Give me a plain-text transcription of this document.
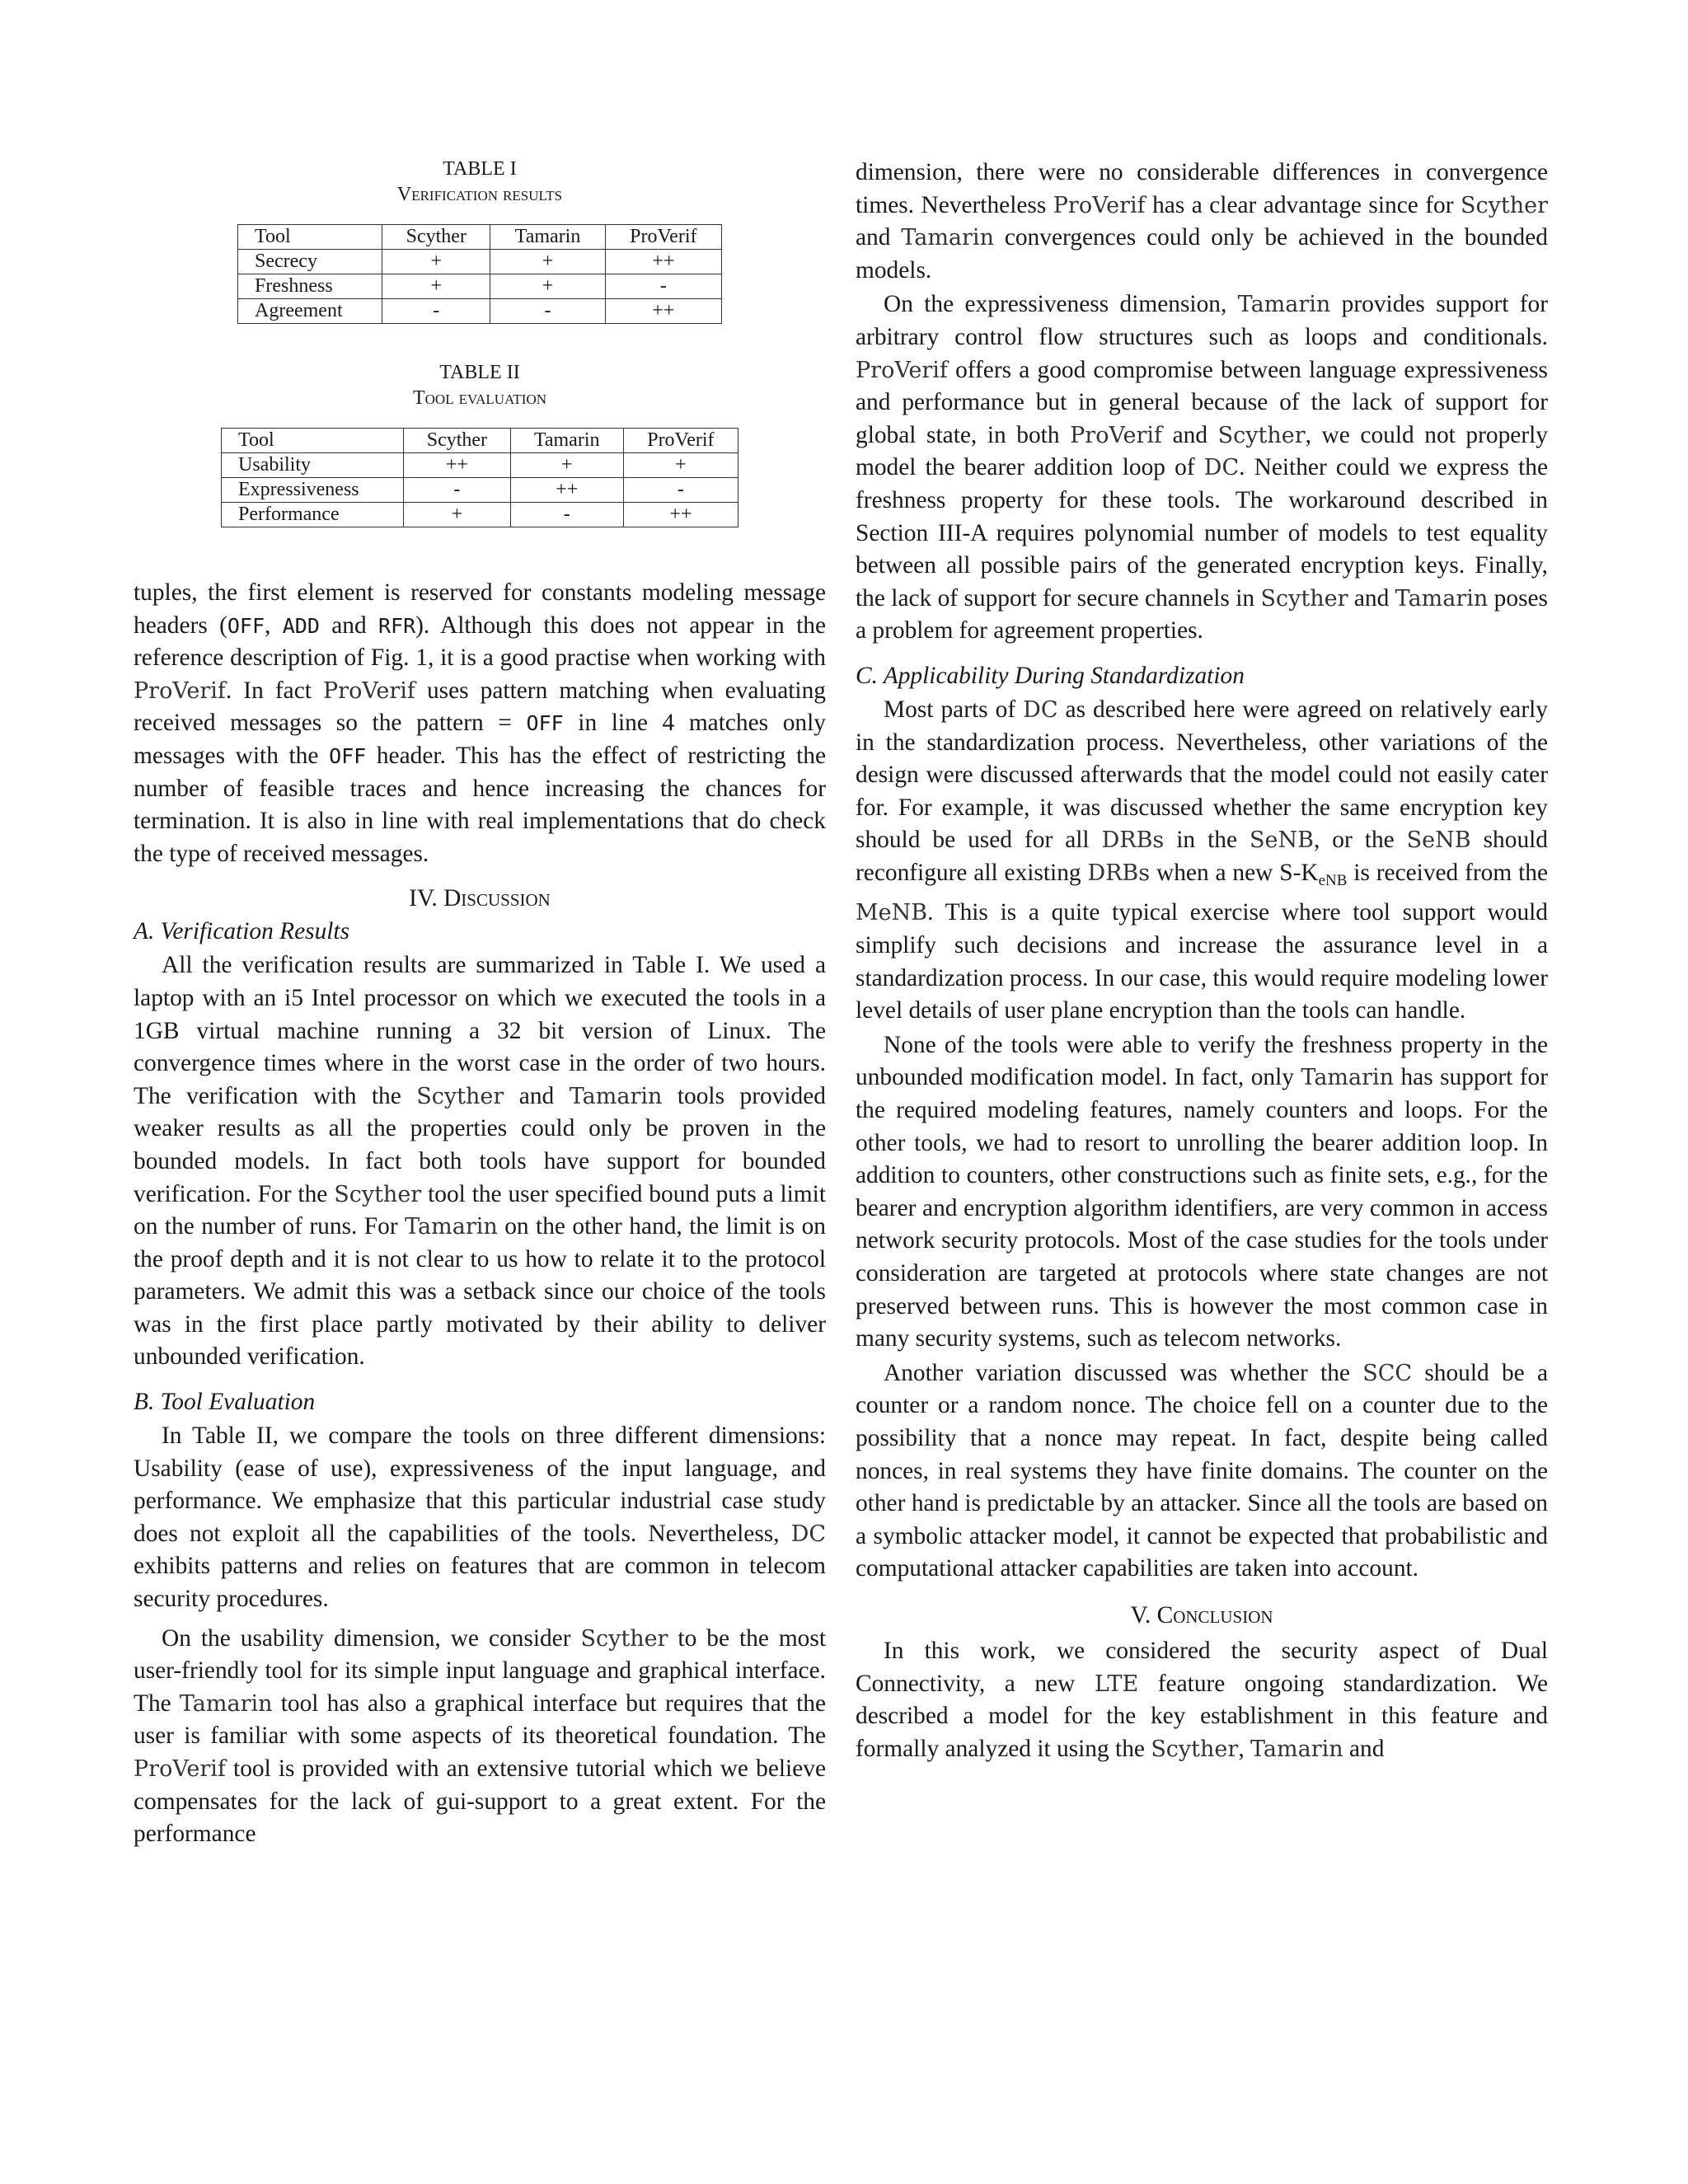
TABLE I
Verification results
Tool	Scyther	Tamarin	ProVerif
Secrecy	+	+	++
Freshness	+	+	-
Agreement	-	-	++
TABLE II
Tool evaluation
Tool	Scyther	Tamarin	ProVerif
Usability	++	+	+
Expressiveness	-	++	-
Performance	+	-	++

tuples, the first element is reserved for constants modeling message headers (OFF, ADD and RFR). Although this does not appear in the reference description of Fig. 1, it is a good practise when working with ProVerif. In fact ProVerif uses pattern matching when evaluating received messages so the pattern = OFF in line 4 matches only messages with the OFF header. This has the effect of restricting the number of feasible traces and hence increasing the chances for termination. It is also in line with real implementations that do check the type of received messages.

IV. Discussion
A. Verification Results

All the verification results are summarized in Table I. We used a laptop with an i5 Intel processor on which we executed the tools in a 1GB virtual machine running a 32 bit version of Linux. The convergence times where in the worst case in the order of two hours. The verification with the Scyther and Tamarin tools provided weaker results as all the properties could only be proven in the bounded models. In fact both tools have support for bounded verification. For the Scyther tool the user specified bound puts a limit on the number of runs. For Tamarin on the other hand, the limit is on the proof depth and it is not clear to us how to relate it to the protocol parameters. We admit this was a setback since our choice of the tools was in the first place partly motivated by their ability to deliver unbounded verification.

B. Tool Evaluation

In Table II, we compare the tools on three different dimensions: Usability (ease of use), expressiveness of the input language, and performance. We emphasize that this particular industrial case study does not exploit all the capabilities of the tools. Nevertheless, DC exhibits patterns and relies on features that are common in telecom security procedures.

On the usability dimension, we consider Scyther to be the most user-friendly tool for its simple input language and graphical interface. The Tamarin tool has also a graphical interface but requires that the user is familiar with some aspects of its theoretical foundation. The ProVerif tool is provided with an extensive tutorial which we believe compensates for the lack of gui-support to a great extent. For the performance

dimension, there were no considerable differences in convergence times. Nevertheless ProVerif has a clear advantage since for Scyther and Tamarin convergences could only be achieved in the bounded models.

On the expressiveness dimension, Tamarin provides support for arbitrary control flow structures such as loops and conditionals. ProVerif offers a good compromise between language expressiveness and performance but in general because of the lack of support for global state, in both ProVerif and Scyther, we could not properly model the bearer addition loop of DC. Neither could we express the freshness property for these tools. The workaround described in Section III-A requires polynomial number of models to test equality between all possible pairs of the generated encryption keys. Finally, the lack of support for secure channels in Scyther and Tamarin poses a problem for agreement properties.

C. Applicability During Standardization

Most parts of DC as described here were agreed on relatively early in the standardization process. Nevertheless, other variations of the design were discussed afterwards that the model could not easily cater for. For example, it was discussed whether the same encryption key should be used for all DRBs in the SeNB, or the SeNB should reconfigure all existing DRBs when a new $S-K_{eNB}$ is received from the MeNB. This is a quite typical exercise where tool support would simplify such decisions and increase the assurance level in a standardization process. In our case, this would require modeling lower level details of user plane encryption than the tools can handle.

None of the tools were able to verify the freshness property in the unbounded modification model. In fact, only Tamarin has support for the required modeling features, namely counters and loops. For the other tools, we had to resort to unrolling the bearer addition loop. In addition to counters, other constructions such as finite sets, e.g., for the bearer and encryption algorithm identifiers, are very common in access network security protocols. Most of the case studies for the tools under consideration are targeted at protocols where state changes are not preserved between runs. This is however the most common case in many security systems, such as telecom networks.

Another variation discussed was whether the SCC should be a counter or a random nonce. The choice fell on a counter due to the possibility that a nonce may repeat. In fact, despite being called nonces, in real systems they have finite domains. The counter on the other hand is predictable by an attacker. Since all the tools are based on a symbolic attacker model, it cannot be expected that probabilistic and computational attacker capabilities are taken into account.

V. Conclusion

In this work, we considered the security aspect of Dual Connectivity, a new LTE feature ongoing standardization. We described a model for the key establishment in this feature and formally analyzed it using the Scyther, Tamarin and
